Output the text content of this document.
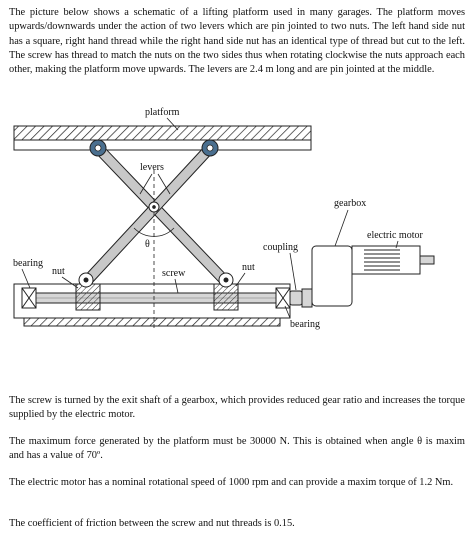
The picture below shows a schematic of a lifting platform used in many garages. The platform moves upwards/downwards under the action of two levers which are pin jointed to two nuts. The left hand side nut has a square, right hand thread while the right hand side nut has an identical type of thread but cut to the left. The screw has thread to match the nuts on the two sides thus when rotating clockwise the nuts approach each other, making the platform move upwards. The levers are 2.4 m long and are pin jointed at the middle.

platform
θ
levers
bearing
nut	screw
nut
coupling
gearbox
electric motor
bearing

The screw is turned by the exit shaft of a gearbox, which provides reduced gear ratio and increases the torque supplied by the electric motor.

The maximum force generated by the platform must be 30000 N. This is obtained when angle θ is maxim and has a value of 70º.

The electric motor has a nominal rotational speed of 1000 rpm and can provide a maxim torque of 1.2 Nm.

The coefficient of friction between the screw and nut threads is 0.15.
